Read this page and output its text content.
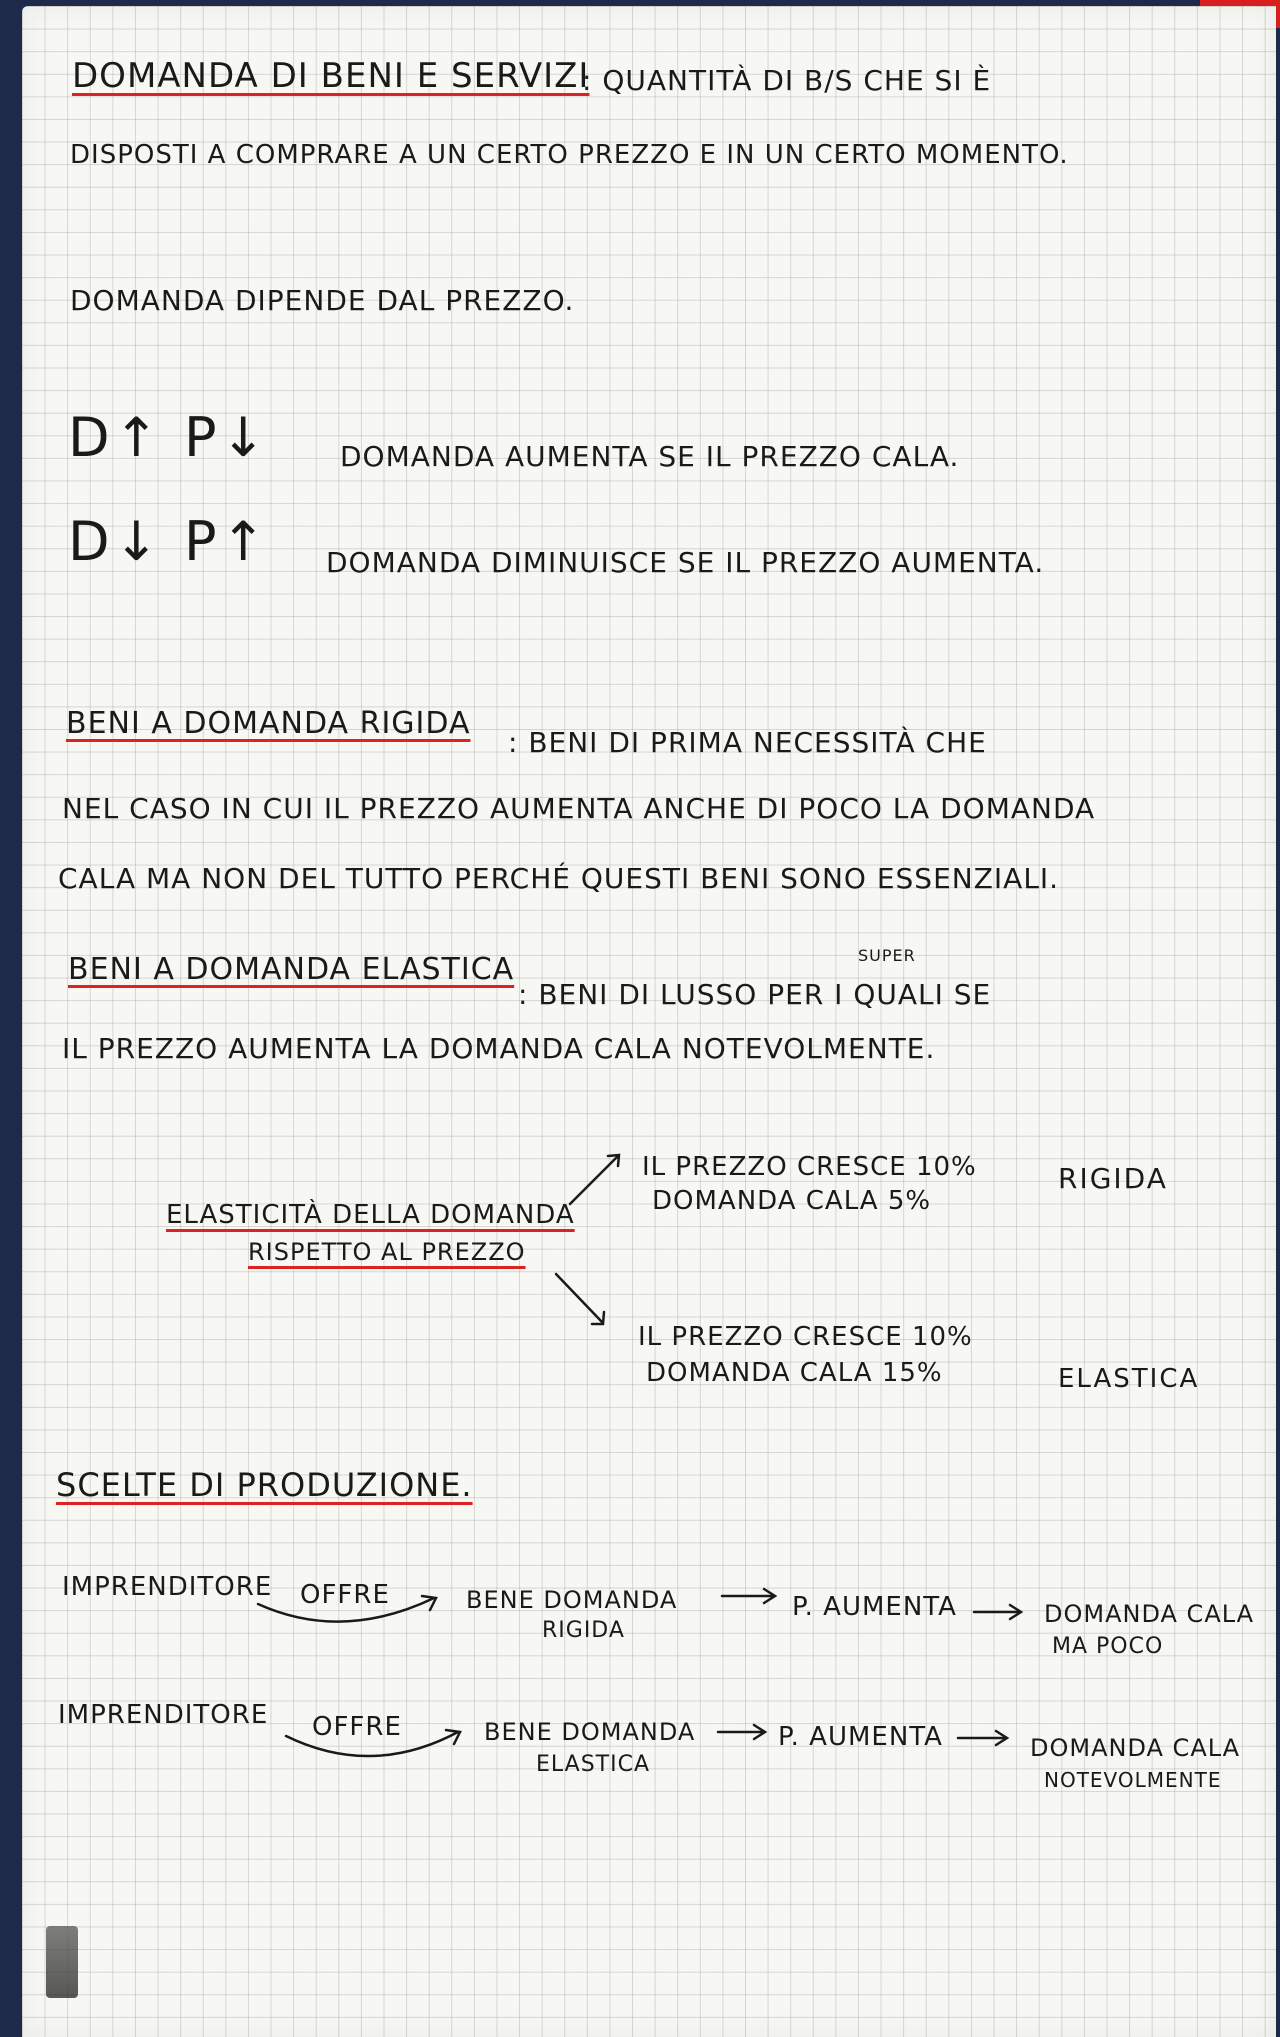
DOMANDA DI BENI E SERVIZI
: QUANTITÀ DI B/S CHE SI È
DISPOSTI A COMPRARE A UN CERTO PREZZO E IN UN CERTO MOMENTO.
DOMANDA DIPENDE DAL PREZZO.
D↑ P↓	DOMANDA AUMENTA SE IL PREZZO CALA.
D↓ P↑ DOMANDA DIMINUISCE SE IL PREZZO AUMENTA.
BENI A DOMANDA RIGIDA
: BENI DI PRIMA NECESSITÀ CHE
NEL CASO IN CUI IL PREZZO AUMENTA ANCHE DI POCO LA DOMANDA
CALA MA NON DEL TUTTO PERCHÉ QUESTI BENI SONO ESSENZIALI.
BENI A DOMANDA ELASTICA	SUPER
: BENI DI LUSSO PER I QUALI SE
IL PREZZO AUMENTA LA DOMANDA CALA NOTEVOLMENTE.
ELASTICITÀ DELLA DOMANDA
RISPETTO AL PREZZO
IL PREZZO CRESCE 10%
DOMANDA CALA 5%
RIGIDA
IL PREZZO CRESCE 10%
DOMANDA CALA 15%	ELASTICA
SCELTE DI PRODUZIONE.
IMPRENDITORE OFFRE	BENE DOMANDA
RIGIDA
P. AUMENTA	DOMANDA CALA
MA POCO
IMPRENDITORE OFFRE	BENE DOMANDA
ELASTICA
P. AUMENTA	DOMANDA CALA
NOTEVOLMENTE
